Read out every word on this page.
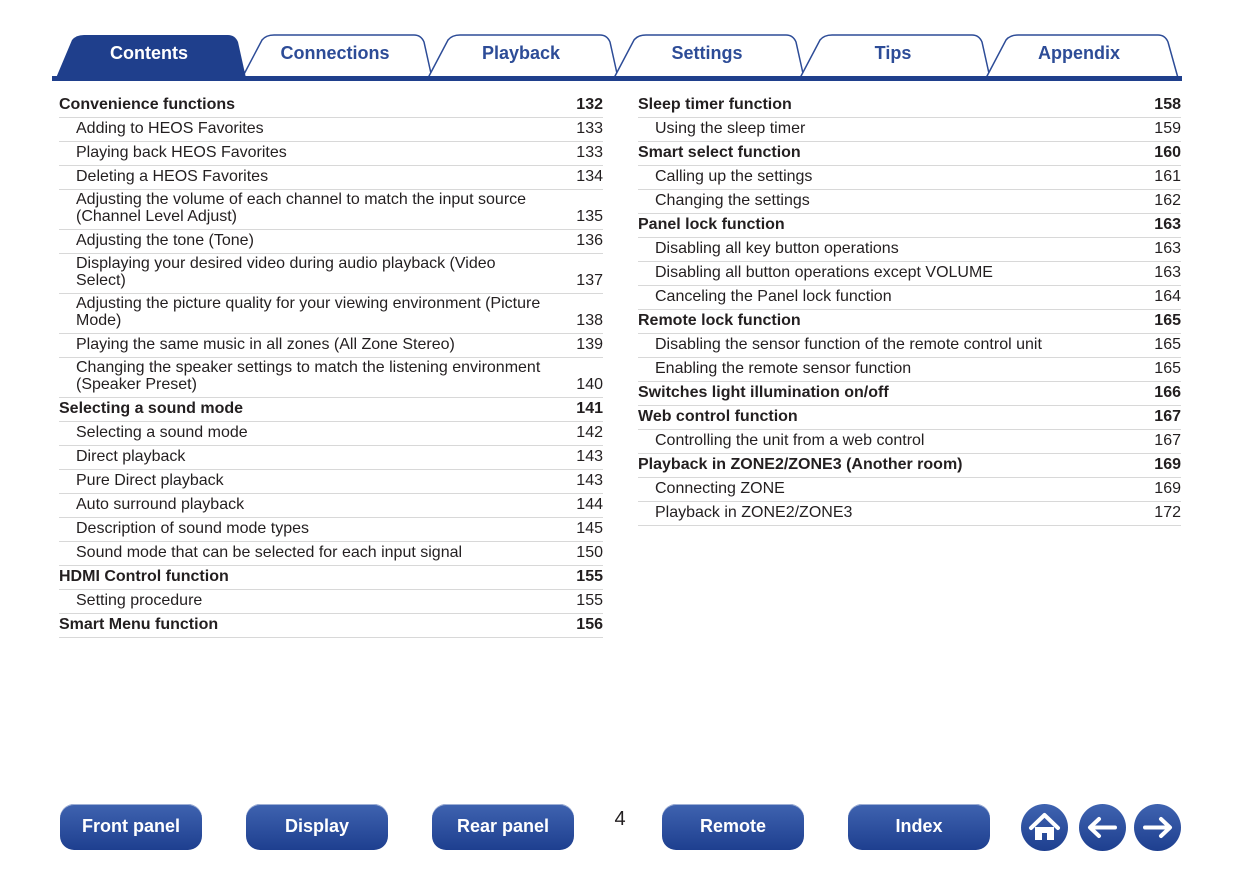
Contents	Connections	Playback	Settings	Tips	Appendix
Convenience functions	132
Adding to HEOS Favorites	133
Playing back HEOS Favorites	133
Deleting a HEOS Favorites	134
Adjusting the volume of each channel to match the input source
(Channel Level Adjust)	135
Adjusting the tone (Tone)	136
Displaying your desired video during audio playback (Video
Select)	137
Adjusting the picture quality for your viewing environment (Picture
Mode)	138
Playing the same music in all zones (All Zone Stereo)	139
Changing the speaker settings to match the listening environment
(Speaker Preset)	140
Selecting a sound mode	141
Selecting a sound mode	142
Direct playback	143
Pure Direct playback	143
Auto surround playback	144
Description of sound mode types	145
Sound mode that can be selected for each input signal	150
HDMI Control function	155
Setting procedure	155
Smart Menu function	156
Sleep timer function	158
Using the sleep timer	159
Smart select function	160
Calling up the settings	161
Changing the settings	162
Panel lock function	163
Disabling all key button operations	163
Disabling all button operations except VOLUME	163
Canceling the Panel lock function	164
Remote lock function	165
Disabling the sensor function of the remote control unit	165
Enabling the remote sensor function	165
Switches light illumination on/off	166
Web control function	167
Controlling the unit from a web control	167
Playback in ZONE2/ZONE3 (Another room)	169
Connecting ZONE	169
Playback in ZONE2/ZONE3	172
Front panel	Display	Rear panel	4	Remote	Index
